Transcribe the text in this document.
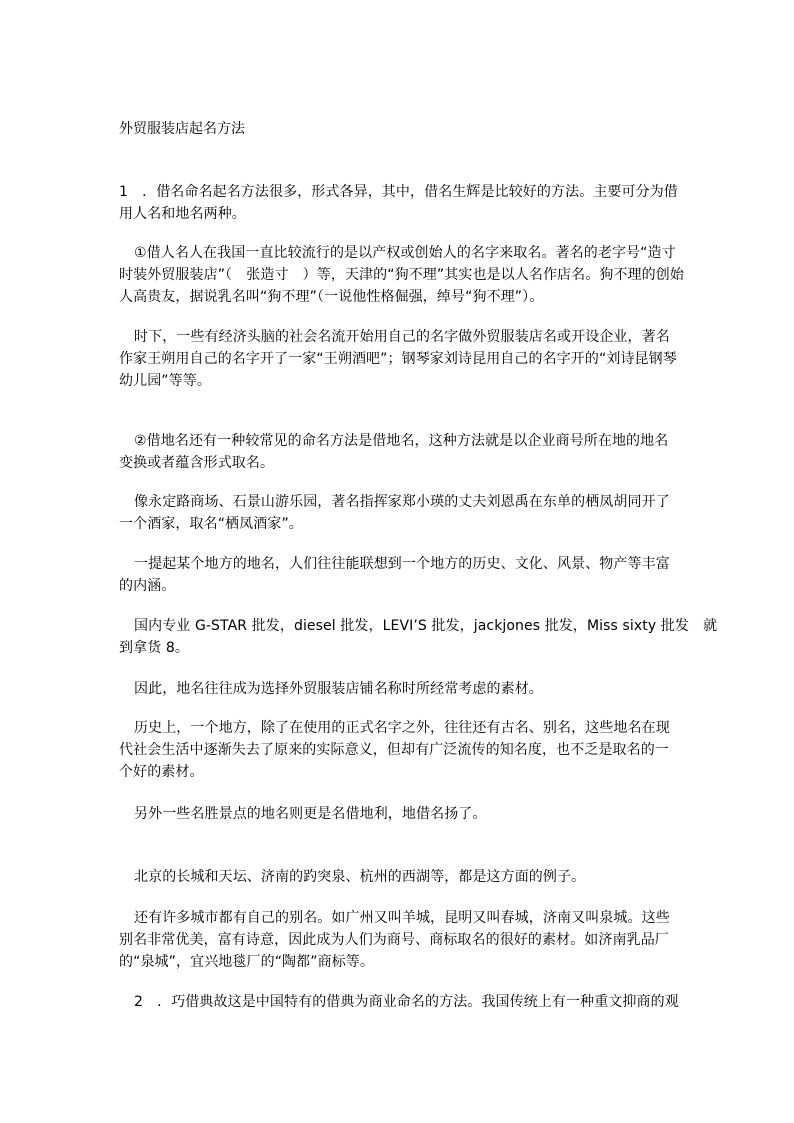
外贸服装店起名方法
1　．借名命名起名方法很多，形式各异，其中，借名生辉是比较好的方法。主要可分为借
用人名和地名两种。
①借人名人在我国一直比较流行的是以产权或创始人的名字来取名。著名的老字号“造寸
时装外贸服装店”（　张造寸　）等，天津的“狗不理”其实也是以人名作店名。狗不理的创始
人高贵友，据说乳名叫“狗不理”（一说他性格倔强，绰号“狗不理”）。
时下，一些有经济头脑的社会名流开始用自己的名字做外贸服装店名或开设企业，著名
作家王朔用自己的名字开了一家“王朔酒吧”；钢琴家刘诗昆用自己的名字开的“刘诗昆钢琴
幼儿园”等等。
②借地名还有一种较常见的命名方法是借地名，这种方法就是以企业商号所在地的地名
变换或者蕴含形式取名。
像永定路商场、石景山游乐园，著名指挥家郑小瑛的丈夫刘恩禹在东单的栖凤胡同开了
一个酒家，取名“栖凤酒家”。
一提起某个地方的地名，人们往往能联想到一个地方的历史、文化、风景、物产等丰富
的内涵。
国内专业 G-STAR 批发，diesel 批发，LEVI’S 批发，jackjones 批发，Miss sixty 批发　就
到拿货 8。
因此，地名往往成为选择外贸服装店铺名称时所经常考虑的素材。
历史上，一个地方，除了在使用的正式名字之外，往往还有古名、别名，这些地名在现
代社会生活中逐渐失去了原来的实际意义，但却有广泛流传的知名度，也不乏是取名的一
个好的素材。
另外一些名胜景点的地名则更是名借地利，地借名扬了。
北京的长城和天坛、济南的趵突泉、杭州的西湖等，都是这方面的例子。
还有许多城市都有自己的别名。如广州又叫羊城，昆明又叫春城，济南又叫泉城。这些
别名非常优美，富有诗意，因此成为人们为商号、商标取名的很好的素材。如济南乳品厂
的“泉城”，宜兴地毯厂的“陶都”商标等。
2　．巧借典故这是中国特有的借典为商业命名的方法。我国传统上有一种重文抑商的观
